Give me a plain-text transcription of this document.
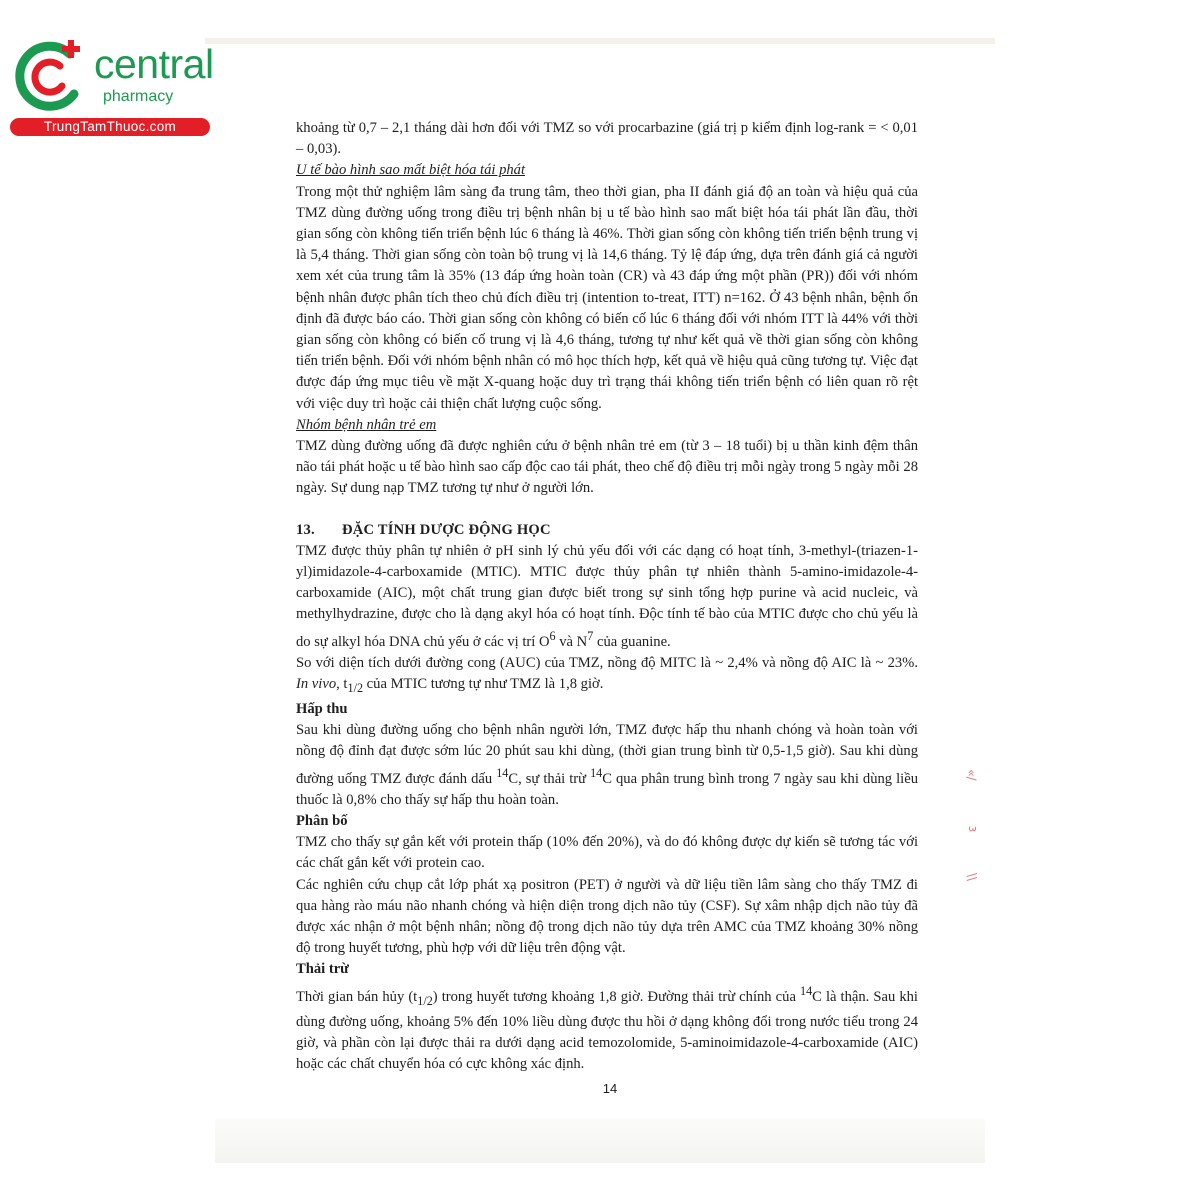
central
pharmacy
TrungTamThuoc.com	khoảng từ 0,7 – 2,1 tháng dài hơn đối với TMZ so với procarbazine (giá trị p kiểm định log-rank = < 0,01 – 0,03).

U tế bào hình sao mất biệt hóa tái phát

Trong một thử nghiệm lâm sàng đa trung tâm, theo thời gian, pha II đánh giá độ an toàn và hiệu quả của TMZ dùng đường uống trong điều trị bệnh nhân bị u tế bào hình sao mất biệt hóa tái phát lần đầu, thời gian sống còn không tiến triển bệnh lúc 6 tháng là 46%. Thời gian sống còn không tiến triển bệnh trung vị là 5,4 tháng. Thời gian sống còn toàn bộ trung vị là 14,6 tháng. Tỷ lệ đáp ứng, dựa trên đánh giá cả người xem xét của trung tâm là 35% (13 đáp ứng hoàn toàn (CR) và 43 đáp ứng một phần (PR)) đối với nhóm bệnh nhân được phân tích theo chủ đích điều trị (intention to-treat, ITT) n=162. Ở 43 bệnh nhân, bệnh ổn định đã được báo cáo. Thời gian sống còn không có biến cố lúc 6 tháng đối với nhóm ITT là 44% với thời gian sống còn không có biến cố trung vị là 4,6 tháng, tương tự như kết quả về thời gian sống còn không tiến triển bệnh. Đối với nhóm bệnh nhân có mô học thích hợp, kết quả về hiệu quả cũng tương tự. Việc đạt được đáp ứng mục tiêu về mặt X-quang hoặc duy trì trạng thái không tiến triển bệnh có liên quan rõ rệt với việc duy trì hoặc cải thiện chất lượng cuộc sống.

Nhóm bệnh nhân trẻ em

TMZ dùng đường uống đã được nghiên cứu ở bệnh nhân trẻ em (từ 3 – 18 tuổi) bị u thần kinh đệm thân não tái phát hoặc u tế bào hình sao cấp độc cao tái phát, theo chế độ điều trị mỗi ngày trong 5 ngày mỗi 28 ngày. Sự dung nạp TMZ tương tự như ở người lớn.

13. ĐẶC TÍNH DƯỢC ĐỘNG HỌC

TMZ được thủy phân tự nhiên ở pH sinh lý chủ yếu đối với các dạng có hoạt tính, 3-methyl-(triazen-1-yl)imidazole-4-carboxamide (MTIC). MTIC được thủy phân tự nhiên thành 5-amino-imidazole-4-carboxamide (AIC), một chất trung gian được biết trong sự sinh tổng hợp purine và acid nucleic, và methylhydrazine, được cho là dạng akyl hóa có hoạt tính. Độc tính tế bào của MTIC được cho chủ yếu là do sự alkyl hóa DNA chủ yếu ở các vị trí $O^6$ và $N^7$ của guanine.

So với diện tích dưới đường cong (AUC) của TMZ, nồng độ MITC là ~ 2,4% và nồng độ AIC là ~ 23%. In vivo, $t_{1/2}$ của MTIC tương tự như TMZ là 1,8 giờ.

Hấp thu

Sau khi dùng đường uống cho bệnh nhân người lớn, TMZ được hấp thu nhanh chóng và hoàn toàn với nồng độ đỉnh đạt được sớm lúc 20 phút sau khi dùng, (thời gian trung bình từ 0,5-1,5 giờ). Sau khi dùng đường uống TMZ được đánh dấu $^{14}$C, sự thải trừ $^{14}$C qua phân trung bình trong 7 ngày sau khi dùng liều thuốc là 0,8% cho thấy sự hấp thu hoàn toàn.

Phân bố

TMZ cho thấy sự gắn kết với protein thấp (10% đến 20%), và do đó không được dự kiến sẽ tương tác với các chất gắn kết với protein cao.

Các nghiên cứu chụp cắt lớp phát xạ positron (PET) ở người và dữ liệu tiền lâm sàng cho thấy TMZ đi qua hàng rào máu não nhanh chóng và hiện diện trong dịch não tủy (CSF). Sự xâm nhập dịch não tủy đã được xác nhận ở một bệnh nhân; nồng độ trong dịch não tủy dựa trên AMC của TMZ khoảng 30% nồng độ trong huyết tương, phù hợp với dữ liệu trên động vật.

Thải trừ

Thời gian bán hủy $(t_{1/2})$ trong huyết tương khoảng 1,8 giờ. Đường thải trừ chính của $^{14}$C là thận. Sau khi dùng đường uống, khoảng 5% đến 10% liều dùng được thu hồi ở dạng không đổi trong nước tiểu trong 24 giờ, và phần còn lại được thải ra dưới dạng acid temozolomide, 5-aminoimidazole-4-carboxamide (AIC) hoặc các chất chuyển hóa có cực không xác định.

14
«/
ɜ
\\
